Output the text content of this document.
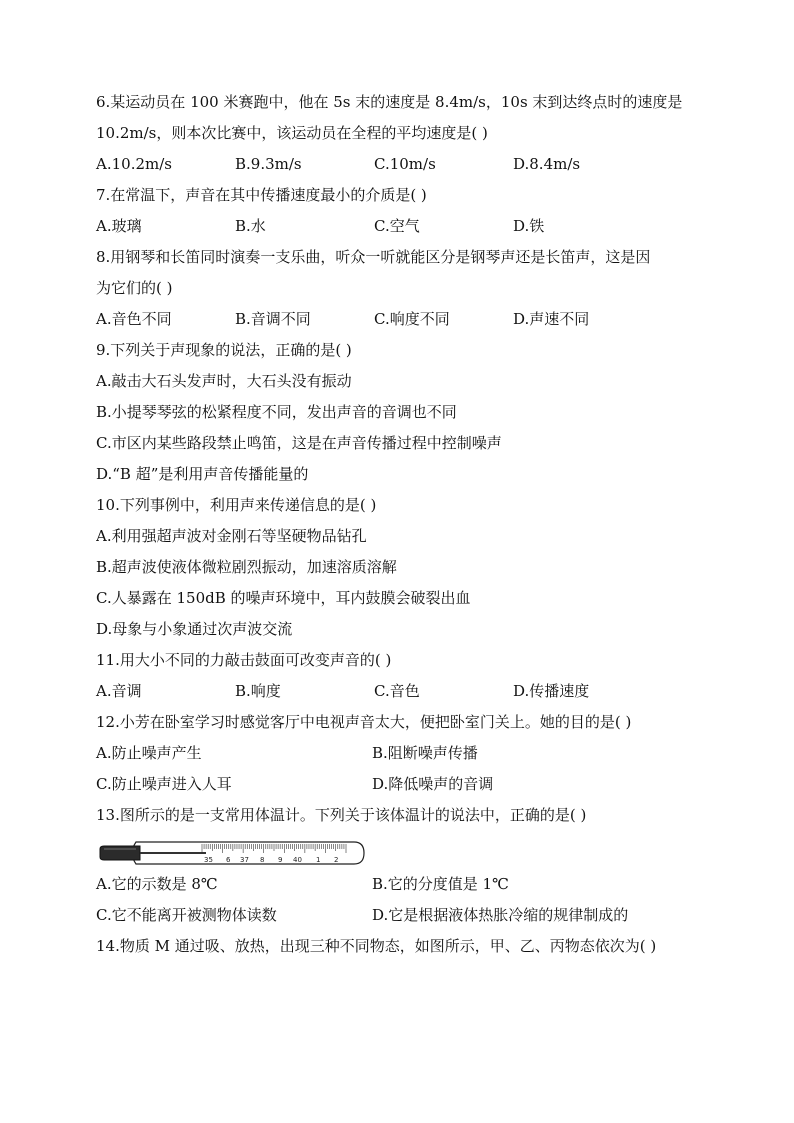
6.某运动员在 100 米赛跑中，他在 5s 末的速度是 8.4m/s，10s 末到达终点时的速度是
10.2m/s，则本次比赛中，该运动员在全程的平均速度是( )
A.10.2m/s	B.9.3m/s	C.10m/s	D.8.4m/s
7.在常温下，声音在其中传播速度最小的介质是( )
A.玻璃	B.水	C.空气	D.铁
8.用钢琴和长笛同时演奏一支乐曲，听众一听就能区分是钢琴声还是长笛声，这是因
为它们的( )
A.音色不同	B.音调不同	C.响度不同	D.声速不同
9.下列关于声现象的说法，正确的是( )
A.敲击大石头发声时，大石头没有振动
B.小提琴琴弦的松紧程度不同，发出声音的音调也不同
C.市区内某些路段禁止鸣笛，这是在声音传播过程中控制噪声
D.“B 超”是利用声音传播能量的
10.下列事例中，利用声来传递信息的是( )
A.利用强超声波对金刚石等坚硬物品钻孔
B.超声波使液体微粒剧烈振动，加速溶质溶解
C.人暴露在 150dB 的噪声环境中，耳内鼓膜会破裂出血
D.母象与小象通过次声波交流
11.用大小不同的力敲击鼓面可改变声音的( )
A.音调	B.响度	C.音色	D.传播速度
12.小芳在卧室学习时感觉客厅中电视声音太大，便把卧室门关上。她的目的是( )
A.防止噪声产生	B.阻断噪声传播
C.防止噪声进入人耳	D.降低噪声的音调
13.图所示的是一支常用体温计。下列关于该体温计的说法中，正确的是( )
35 6 37 8 9 40 1 2
A.它的示数是 8℃	B.它的分度值是 1℃
C.它不能离开被测物体读数	D.它是根据液体热胀冷缩的规律制成的
14.物质 M 通过吸、放热，出现三种不同物态，如图所示，甲、乙、丙物态依次为( )
